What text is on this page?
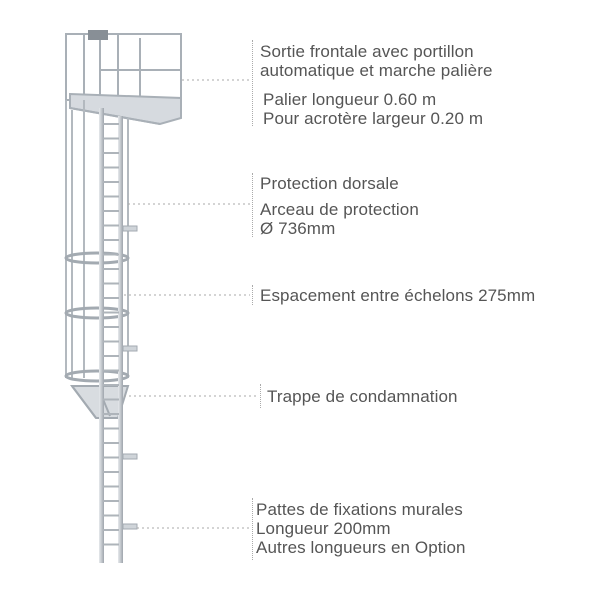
Sortie frontale avec portillon
automatique et marche palière
Palier longueur 0.60 m
Pour acrotère largeur 0.20 m
Protection dorsale
Arceau de protection
Ø 736mm
Espacement entre échelons 275mm
Trappe de condamnation
Pattes de fixations murales
Longueur 200mm
Autres longueurs en Option
